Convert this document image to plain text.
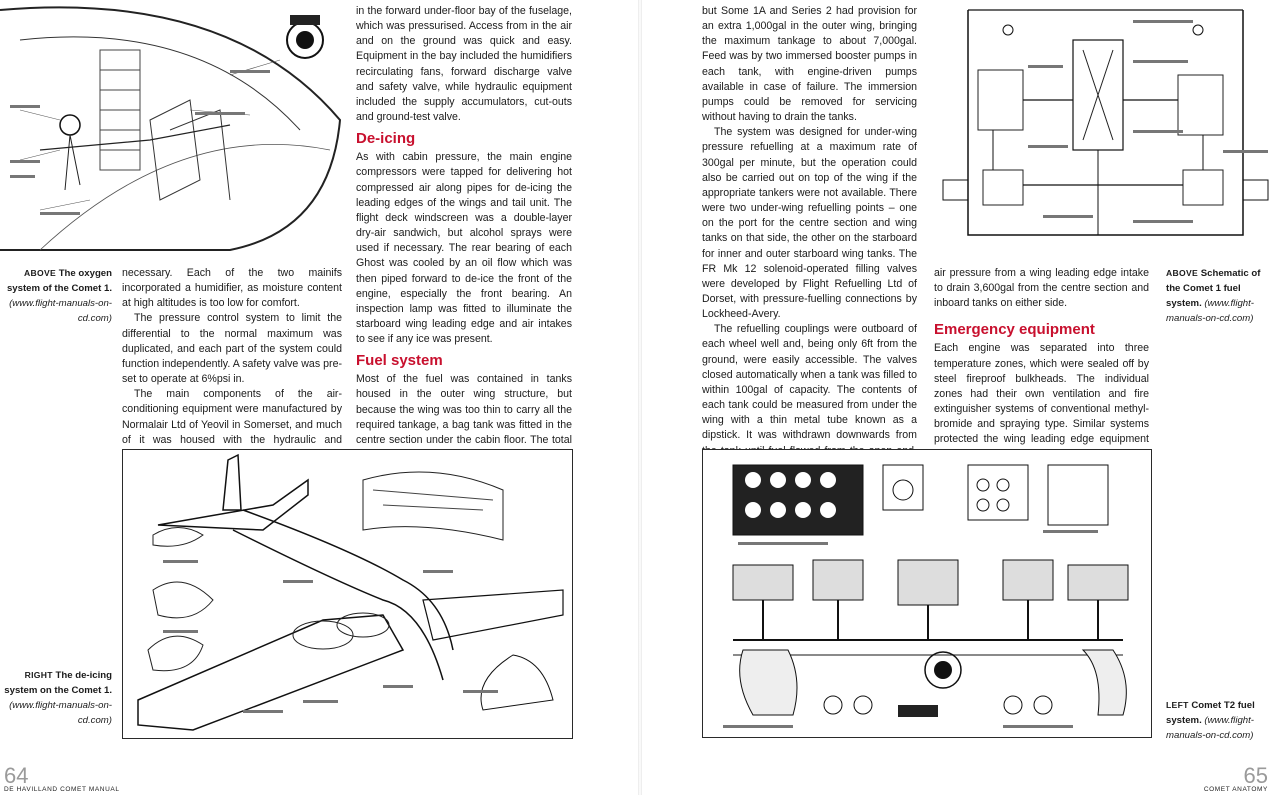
ABOVE The oxygen system of the Comet 1. (www.flight-manuals-on-cd.com)

necessary. Each of the two mainifs incorporated a humidifier, as moisture content at high altitudes is too low for comfort.

The pressure control system to limit the differential to the normal maximum was duplicated, and each part of the system could function independently. A safety valve was pre-set to operate at 6%psi in.

The main components of the air-conditioning equipment were manufactured by Normalair Ltd of Yeovil in Somerset, and much of it was housed with the hydraulic and

in the forward under-floor bay of the fuselage, which was pressurised. Access from in the air and on the ground was quick and easy. Equipment in the bay included the humidifiers recirculating fans, forward discharge valve and safety valve, while hydraulic equipment included the supply accumulators, cut-outs and ground-test valve.

De-icing

As with cabin pressure, the main engine compressors were tapped for delivering hot compressed air along pipes for de-icing the leading edges of the wings and tail unit. The flight deck windscreen was a double-layer dry-air sandwich, but alcohol sprays were used if necessary. The rear bearing of each Ghost was cooled by an oil flow which was then piped forward to de-ice the front of the engine, especially the front bearing. An inspection lamp was fitted to illuminate the starboard wing leading edge and air intakes to see if any ice was present.

Fuel system

Most of the fuel was contained in tanks housed in the outer wing structure, but because the wing was too thin to carry all the required tankage, a bag tank was fitted in the centre section under the cabin floor. The total

RIGHT The de-icing system on the Comet 1. (www.flight-manuals-on-cd.com)
64
DE HAVILLAND COMET MANUAL

but Some 1A and Series 2 had provision for an extra 1,000gal in the outer wing, bringing the maximum tankage to about 7,000gal. Feed was by two immersed booster pumps in each tank, with engine-driven pumps available in case of failure. The immersion pumps could be removed for servicing without having to drain the tanks.

The system was designed for under-wing pressure refuelling at a maximum rate of 300gal per minute, but the operation could also be carried out on top of the wing if the appropriate tankers were not available. There were two under-wing refuelling points – one on the port for the centre section and wing tanks on that side, the other on the starboard for inner and outer starboard wing tanks. The FR Mk 12 solenoid-operated filling valves were developed by Flight Refuelling Ltd of Dorset, with pressure-fuelling connections by Lockheed-Avery.

The refuelling couplings were outboard of each wheel well and, being only 6ft from the ground, were easily accessible. The valves closed automatically when a tank was filled to within 100gal of capacity. The contents of each tank could be measured from under the wing with a thin metal tube known as a dipstick. It was withdrawn downwards from

air pressure from a wing leading edge intake to drain 3,600gal from the centre section and inboard tanks on either side.

Emergency equipment

Each engine was separated into three temperature zones, which were sealed off by steel fireproof bulkheads. The individual zones had their own ventilation and fire extinguisher systems of conventional methyl-bromide and spraying type. Similar systems protected the wing leading edge equipment

ABOVE Schematic of the Comet 1 fuel system. (www.flight-manuals-on-cd.com)
LEFT Comet T2 fuel system. (www.flight-manuals-on-cd.com)
65
COMET ANATOMY
